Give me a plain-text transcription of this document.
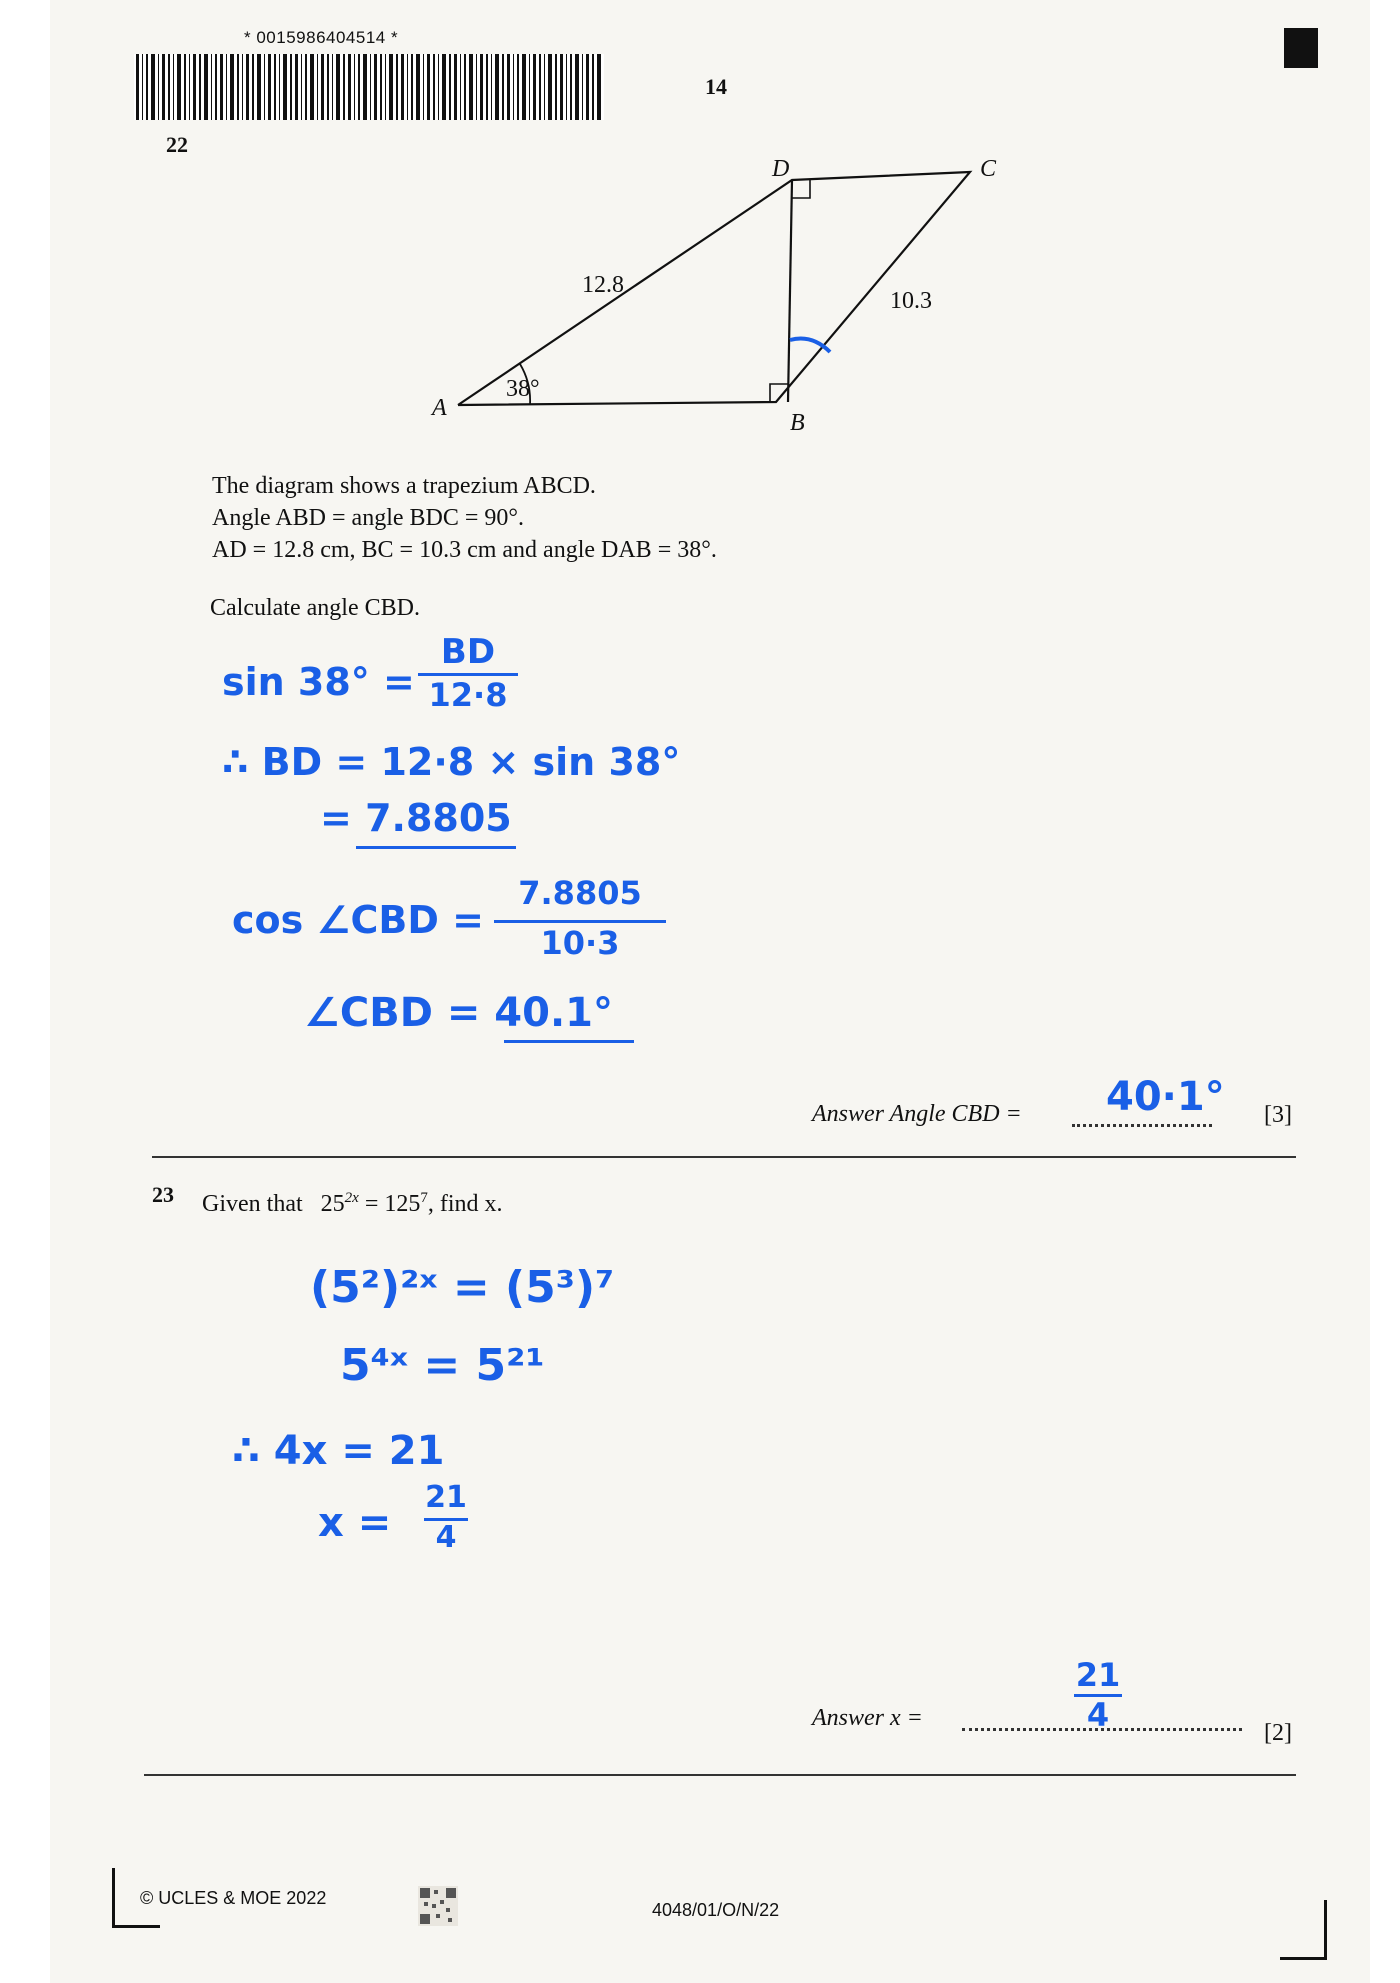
* 0015986404514 *
14
22
A
B
C
D
12.8
10.3
38°
The diagram shows a trapezium ABCD.
Angle ABD = angle BDC = 90°.
AD = 12.8 cm, BC = 10.3 cm and angle DAB = 38°.
Calculate angle CBD.
sin 38° =
BD
12·8
∴ BD = 12·8 × sin 38°
= 7.8805
cos ∠CBD =
7.8805
10·3
∠CBD = 40.1°
Answer Angle CBD = 40·1° [3]
23 Given that $25^{2x} = 125^7$, find x.
(5²)²ˣ = (5³)⁷
5⁴ˣ = 5²¹
∴ 4x = 21
x =
21
4
Answer x =
21
4	[2]
© UCLES & MOE 2022
4048/01/O/N/22
